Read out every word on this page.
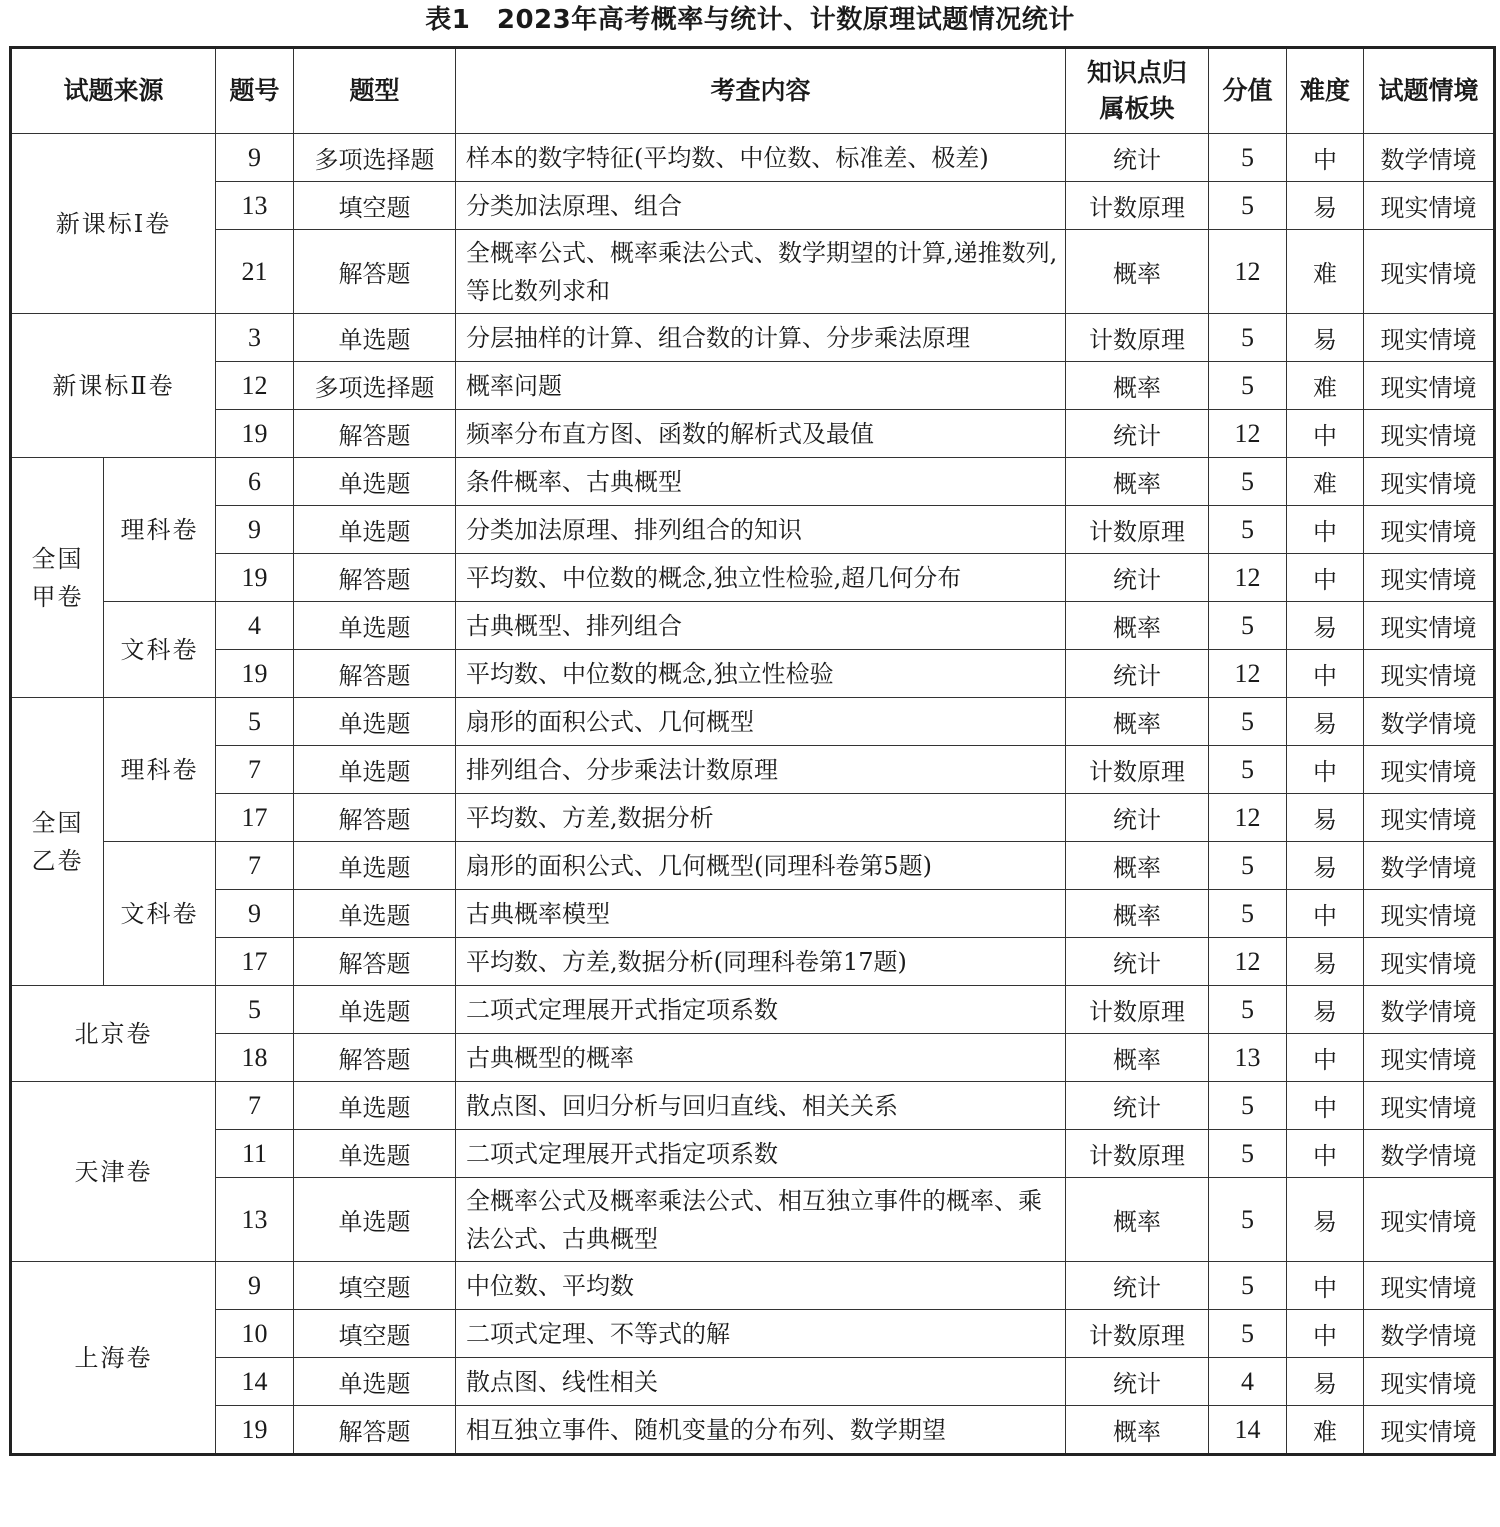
表1　2023年高考概率与统计、计数原理试题情况统计
试题来源		题号	题型	考查内容	知识点归属板块	分值	难度	试题情境
新课标Ⅰ卷		9	多项选择题	样本的数字特征(平均数、中位数、标准差、极差)	统计	5	中	数学情境
		13	填空题	分类加法原理、组合	计数原理	5	易	现实情境
		21	解答题	全概率公式、概率乘法公式、数学期望的计算,递推数列,等比数列求和	概率	12	难	现实情境
新课标Ⅱ卷		3	单选题	分层抽样的计算、组合数的计算、分步乘法原理	计数原理	5	易	现实情境
		12	多项选择题	概率问题	概率	5	难	现实情境
		19	解答题	频率分布直方图、函数的解析式及最值	统计	12	中	现实情境
全国甲卷	理科卷	6	单选题	条件概率、古典概型	概率	5	难	现实情境
		9	单选题	分类加法原理、排列组合的知识	计数原理	5	中	现实情境
		19	解答题	平均数、中位数的概念,独立性检验,超几何分布	统计	12	中	现实情境
	文科卷	4	单选题	古典概型、排列组合	概率	5	易	现实情境
		19	解答题	平均数、中位数的概念,独立性检验	统计	12	中	现实情境
全国乙卷	理科卷	5	单选题	扇形的面积公式、几何概型	概率	5	易	数学情境
		7	单选题	排列组合、分步乘法计数原理	计数原理	5	中	现实情境
		17	解答题	平均数、方差,数据分析	统计	12	易	现实情境
	文科卷	7	单选题	扇形的面积公式、几何概型(同理科卷第5题)	概率	5	易	数学情境
		9	单选题	古典概率模型	概率	5	中	现实情境
		17	解答题	平均数、方差,数据分析(同理科卷第17题)	统计	12	易	现实情境
北京卷		5	单选题	二项式定理展开式指定项系数	计数原理	5	易	数学情境
		18	解答题	古典概型的概率	概率	13	中	现实情境
天津卷		7	单选题	散点图、回归分析与回归直线、相关关系	统计	5	中	现实情境
		11	单选题	二项式定理展开式指定项系数	计数原理	5	中	数学情境
		13	单选题	全概率公式及概率乘法公式、相互独立事件的概率、乘法公式、古典概型	概率	5	易	现实情境
上海卷		9	填空题	中位数、平均数	统计	5	中	现实情境
		10	填空题	二项式定理、不等式的解	计数原理	5	中	数学情境
		14	单选题	散点图、线性相关	统计	4	易	现实情境
		19	解答题	相互独立事件、随机变量的分布列、数学期望	概率	14	难	现实情境
